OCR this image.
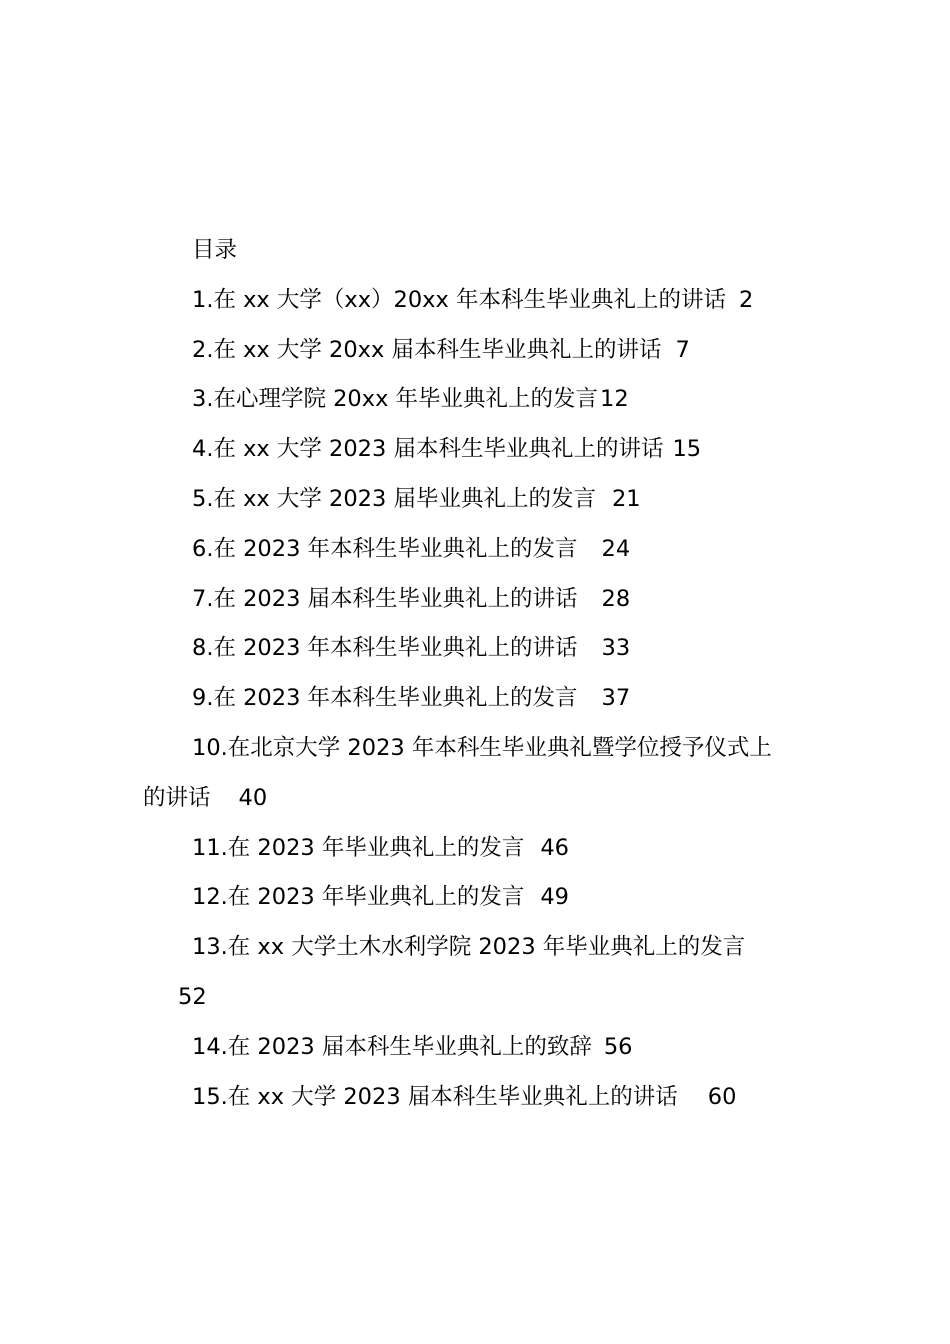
目录
1.在 xx 大学（xx）20xx 年本科生毕业典礼上的讲话 2
2.在 xx 大学 20xx 届本科生毕业典礼上的讲话 7
3.在心理学院 20xx 年毕业典礼上的发言12
4.在 xx 大学 2023 届本科生毕业典礼上的讲话 15
5.在 xx 大学 2023 届毕业典礼上的发言 21
6.在 2023 年本科生毕业典礼上的发言 24
7.在 2023 届本科生毕业典礼上的讲话 28
8.在 2023 年本科生毕业典礼上的讲话 33
9.在 2023 年本科生毕业典礼上的发言 37
10.在北京大学 2023 年本科生毕业典礼暨学位授予仪式上
的讲话 40
11.在 2023 年毕业典礼上的发言 46
12.在 2023 年毕业典礼上的发言 49
13.在 xx 大学土木水利学院 2023 年毕业典礼上的发言
52
14.在 2023 届本科生毕业典礼上的致辞 56
15.在 xx 大学 2023 届本科生毕业典礼上的讲话 60
